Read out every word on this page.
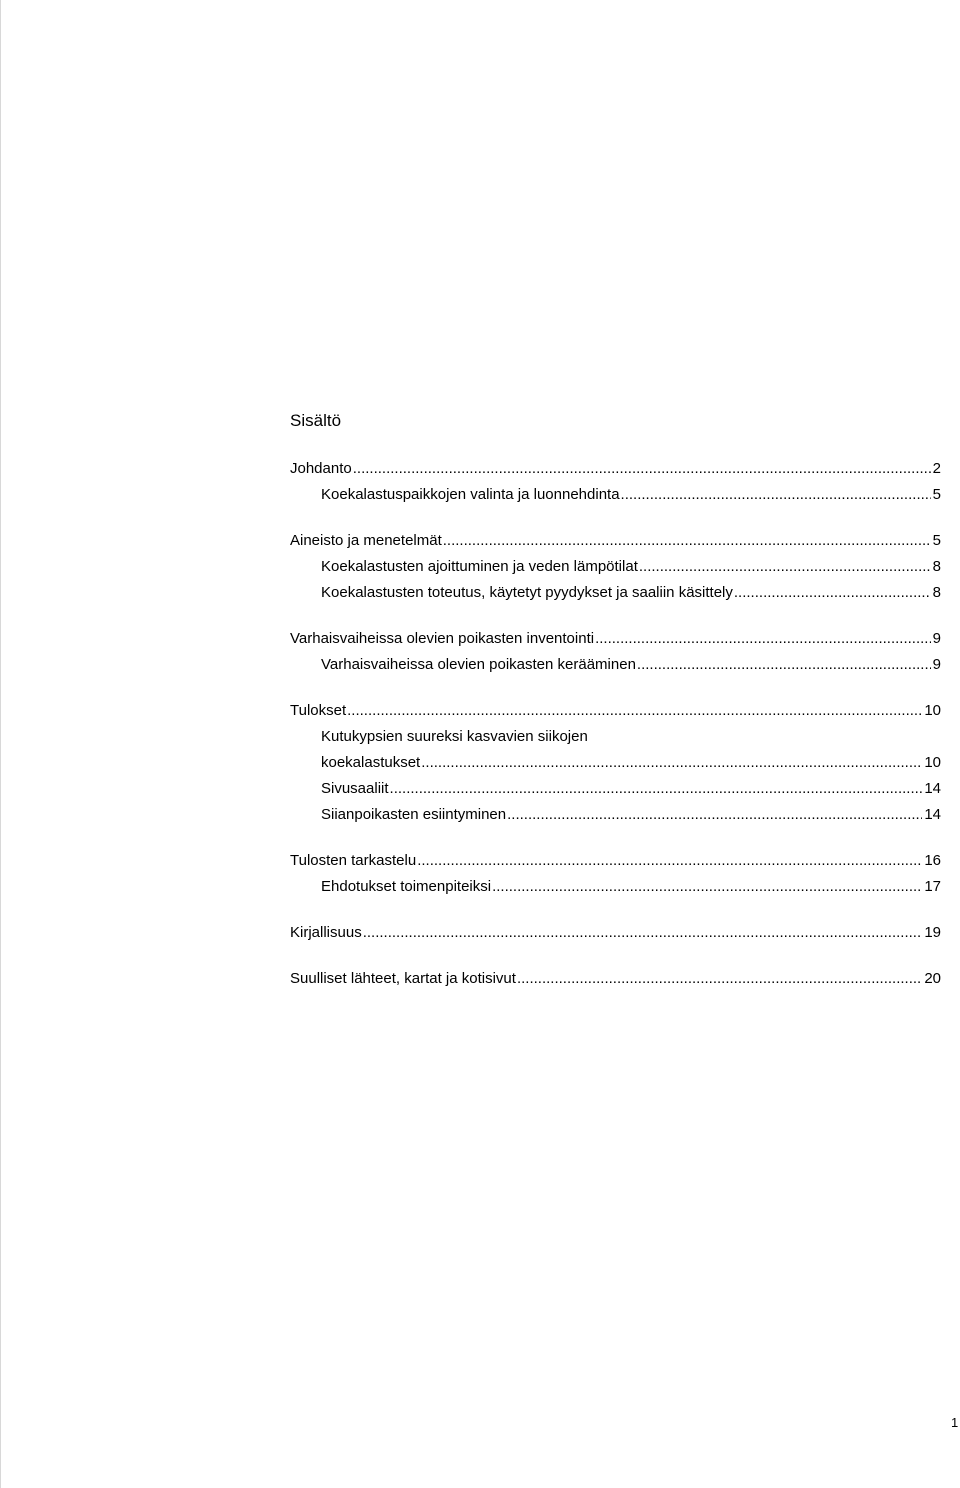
Sisältö
Johdanto .....	2
Koekalastuspaikkojen valinta ja luonnehdinta .....	5
Aineisto ja menetelmät .....	5
Koekalastusten ajoittuminen ja veden lämpötilat .....	8
Koekalastusten toteutus, käytetyt pyydykset ja saaliin käsittely .....	8
Varhaisvaiheissa olevien poikasten inventointi .....	9
Varhaisvaiheissa olevien poikasten kerääminen .....	9
Tulokset .....	10
Kutukypsien suureksi kasvavien siikojen
koekalastukset .....	10
Sivusaaliit .....	14
Siianpoikasten esiintyminen .....	14
Tulosten tarkastelu .....	16
Ehdotukset toimenpiteiksi .....	17
Kirjallisuus .....	19
Suulliset lähteet, kartat ja kotisivut .....	20
1
